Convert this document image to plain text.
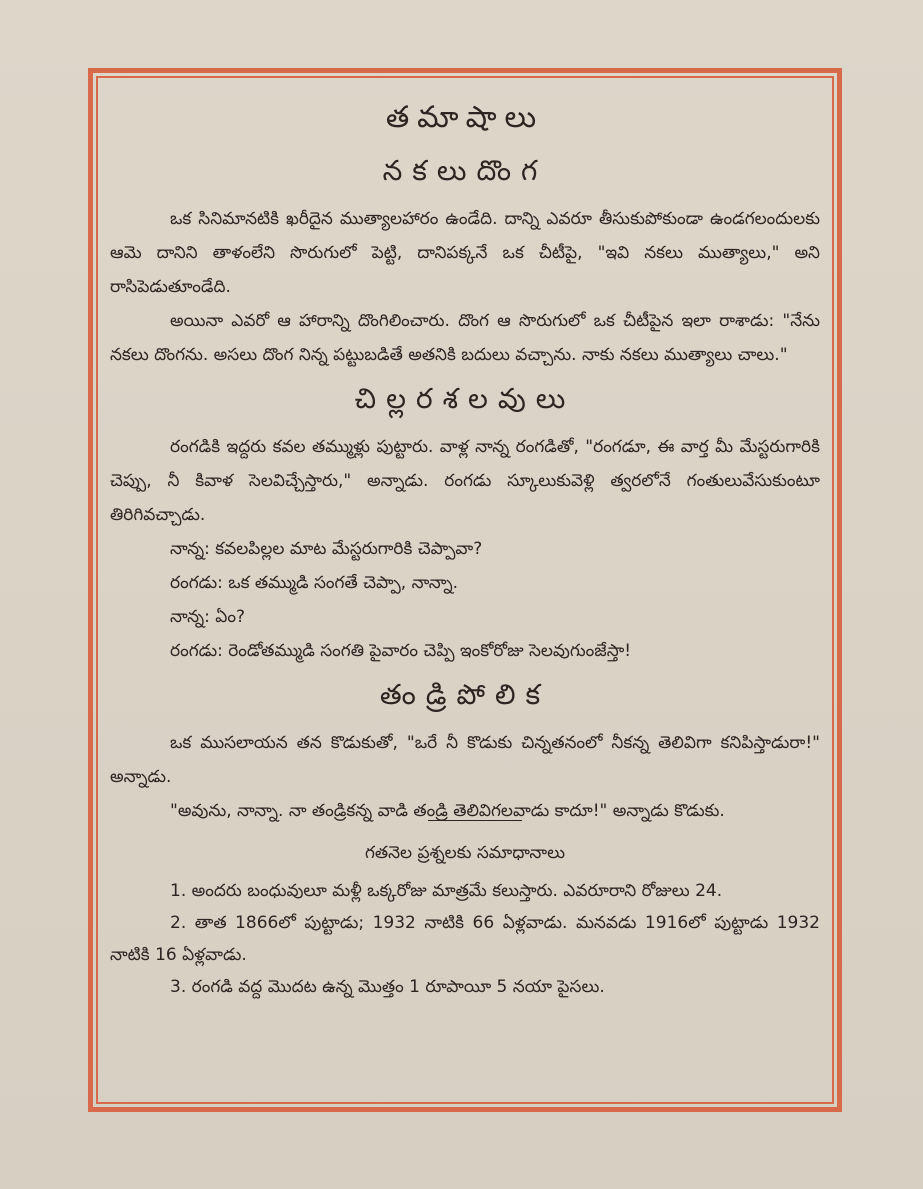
తమాషాలు
నకలుదొంగ

ఒక సినిమానటికి ఖరీదైన ముత్యాలహారం ఉండేది. దాన్ని ఎవరూ తీసుకుపోకుండా ఉండగలందులకు ఆమె దానిని తాళంలేని సొరుగులో పెట్టి, దానిపక్కనే ఒక చీటీపై, "ఇవి నకలు ముత్యాలు," అని రాసిపెడుతూండేది.

అయినా ఎవరో ఆ హారాన్ని దొంగిలించారు. దొంగ ఆ సొరుగులో ఒక చీటీపైన ఇలా రాశాడు: "నేను నకలు దొంగను. అసలు దొంగ నిన్న పట్టుబడితే అతనికి బదులు వచ్చాను. నాకు నకలు ముత్యాలు చాలు."

చిల్లరశలవులు

రంగడికి ఇద్దరు కవల తమ్ముళ్లు పుట్టారు. వాళ్ల నాన్న రంగడితో, "రంగడూ, ఈ వార్త మీ మేస్టరుగారికి చెప్పు, నీ కివాళ సెలవిచ్చేస్తారు," అన్నాడు. రంగడు స్కూలుకువెళ్లి త్వరలోనే గంతులువేసుకుంటూ తిరిగివచ్చాడు.

నాన్న: కవలపిల్లల మాట మేస్టరుగారికి చెప్పావా?

రంగడు: ఒక తమ్ముడి సంగతే చెప్పా, నాన్నా.

నాన్న: ఏం?

రంగడు: రెండోతమ్ముడి సంగతి పైవారం చెప్పి ఇంకోరోజు సెలవుగుంజేస్తా!

తండ్రిపోలిక

ఒక ముసలాయన తన కొడుకుతో, "ఒరే నీ కొడుకు చిన్నతనంలో నీకన్న తెలివిగా కనిపిస్తాడురా!" అన్నాడు.

"అవును, నాన్నా. నా తండ్రికన్న వాడి తండ్రి తెలివిగలవాడు కాదూ!" అన్నాడు కొడుకు.

గతనెల ప్రశ్నలకు సమాధానాలు

1. అందరు బంధువులూ మళ్లీ ఒక్కరోజు మాత్రమే కలుస్తారు. ఎవరూరాని రోజులు 24.

2. తాత 1866లో పుట్టాడు; 1932 నాటికి 66 ఏళ్లవాడు. మనవడు 1916లో పుట్టాడు 1932 నాటికి 16 ఏళ్లవాడు.

3. రంగడి వద్ద మొదట ఉన్న మొత్తం 1 రూపాయీ 5 నయా పైసలు.
